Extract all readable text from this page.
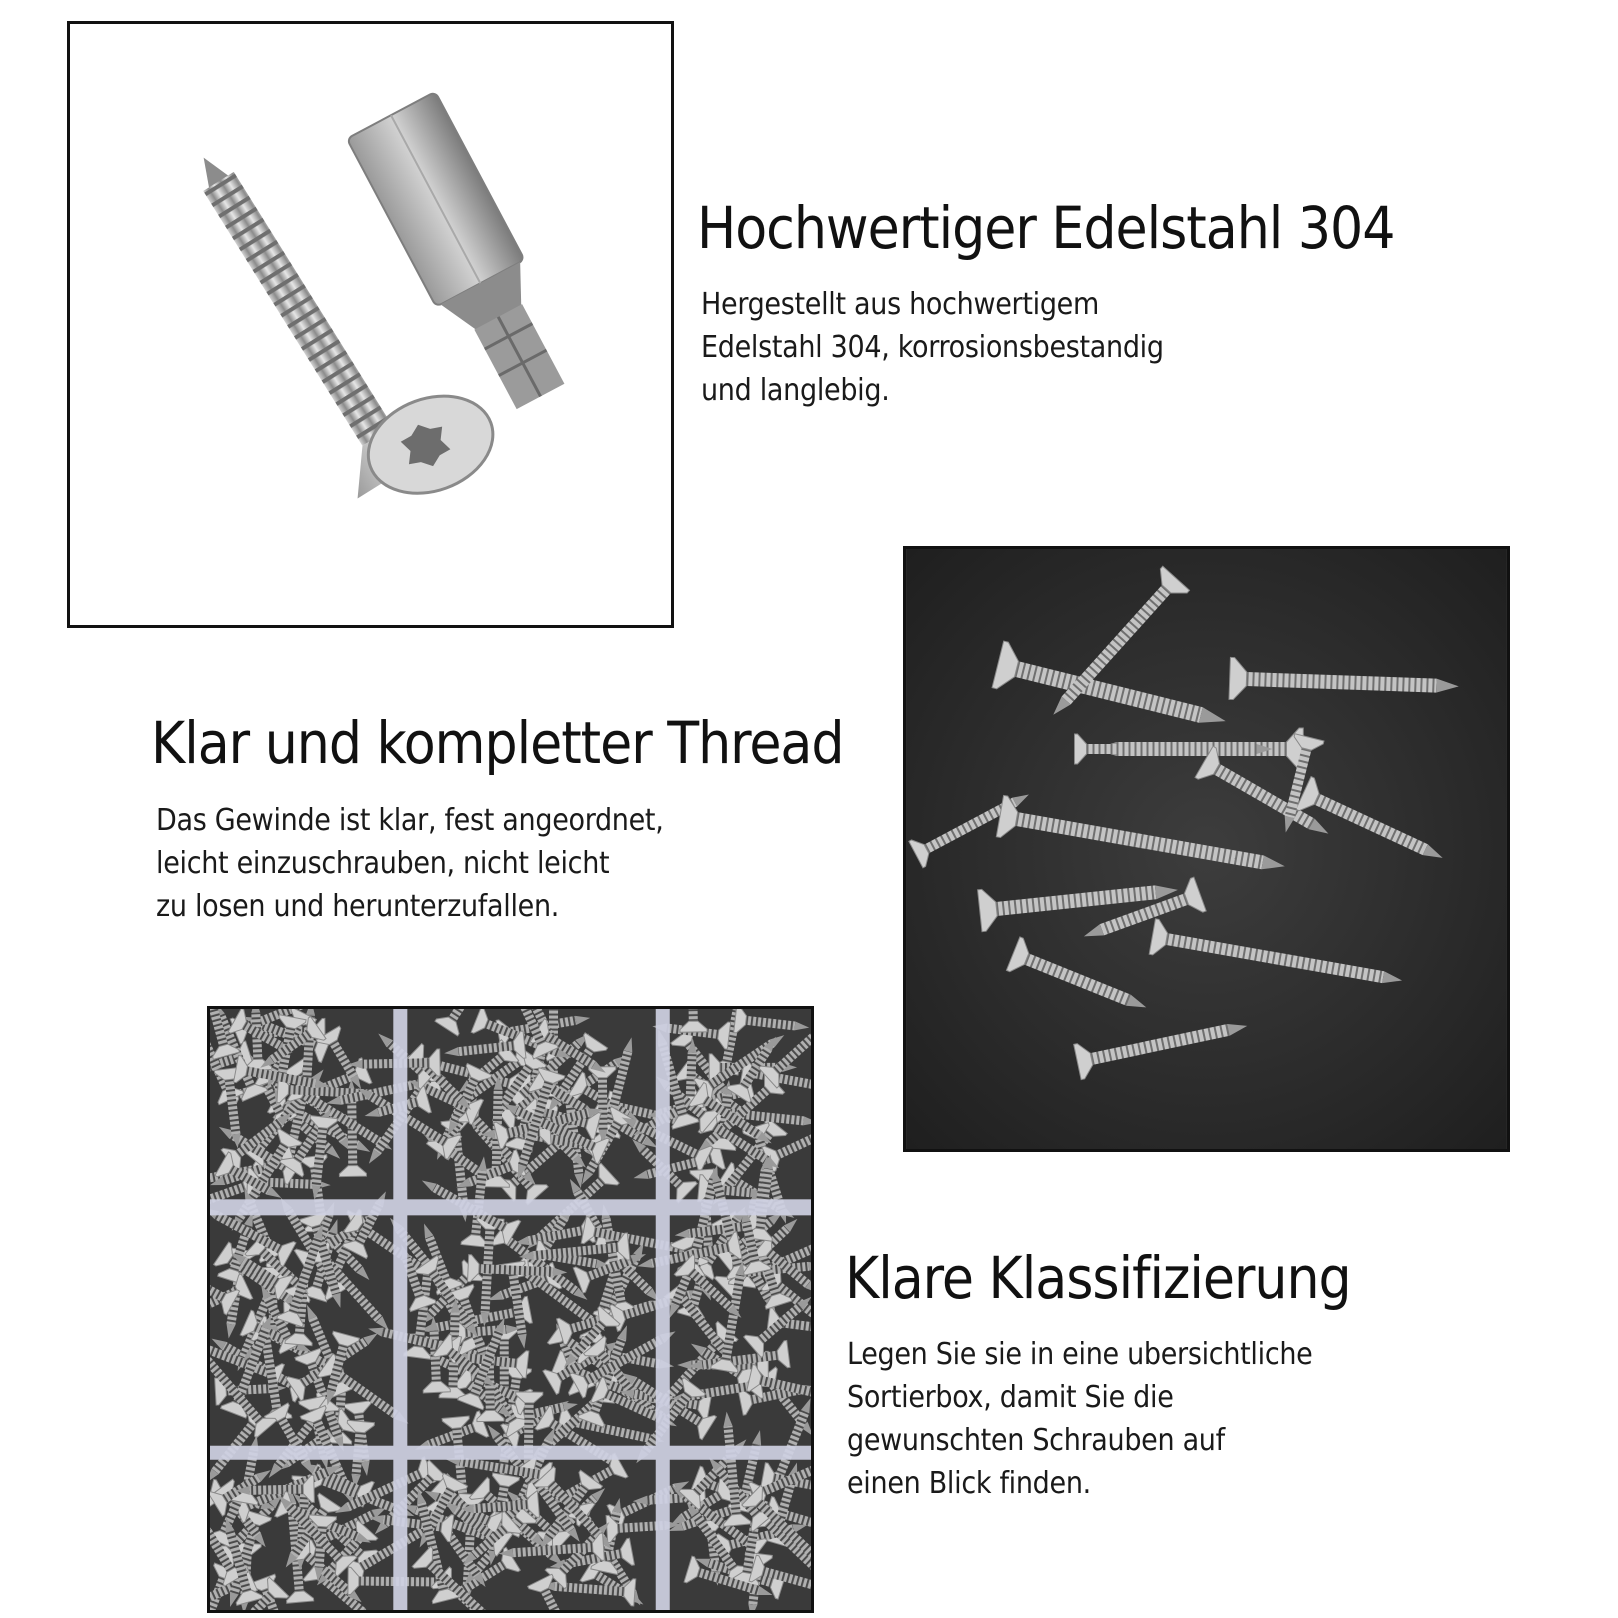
Hochwertiger Edelstahl 304
Hergestellt aus hochwertigem
Edelstahl 304, korrosionsbestandig
und langlebig.
Klar und kompletter Thread
Das Gewinde ist klar, fest angeordnet,
leicht einzuschrauben, nicht leicht
zu losen und herunterzufallen.
Klare Klassifizierung
Legen Sie sie in eine ubersichtliche
Sortierbox, damit Sie die
gewunschten Schrauben auf
einen Blick finden.
